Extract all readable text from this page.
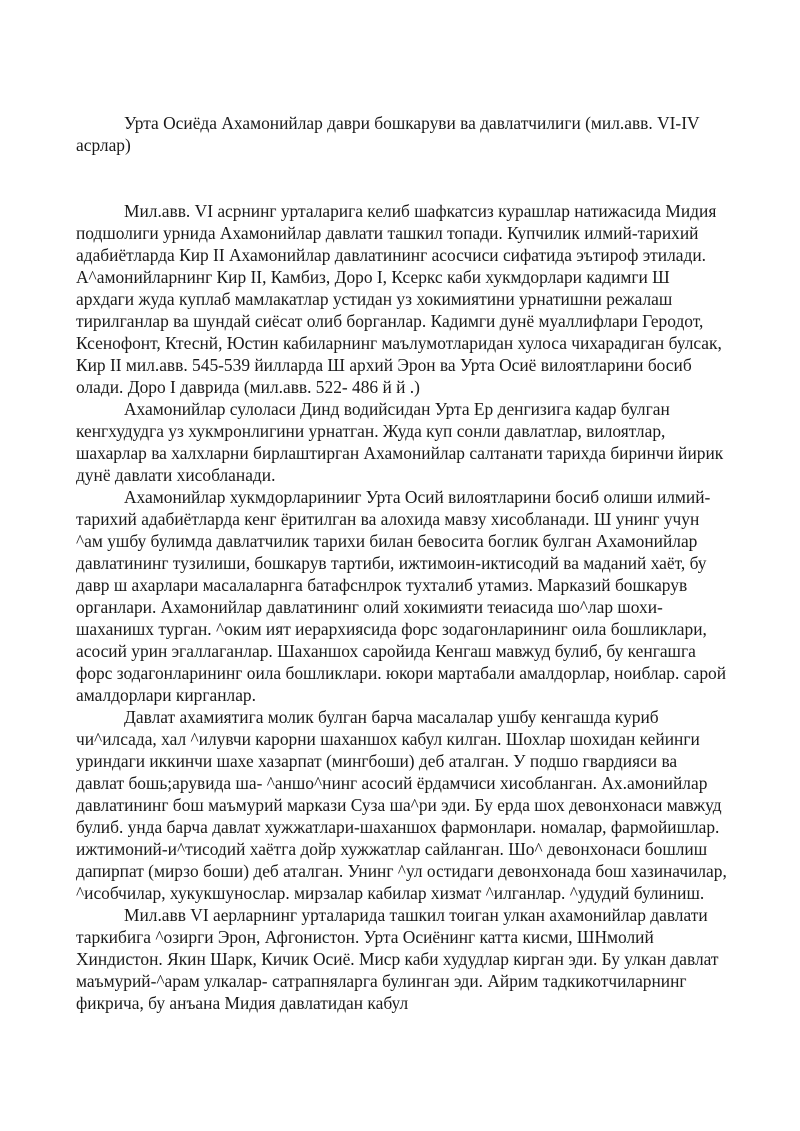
Урта Осиёда Ахамонийлар даври бошкаруви ва давлатчилиги (мил.авв. VI-IV асрлар)

Мил.авв. VI асрнинг урталарига келиб шафкатсиз курашлар натижасида Мидия подшолиги урнида Ахамонийлар давлати ташкил топади. Купчилик илмий-тарихий адабиётларда Кир II Ахамонийлар давлатининг асосчиси сифатида эътироф этилади. А^амонийларнинг Кир II, Камбиз, Доро I, Ксеркс каби хукмдорлари кадимги Ш архдаги жуда куплаб мамлакатлар устидан уз хокимиятини урнатишни режалаш тирилганлар ва шундай сиёсат олиб борганлар. Кадимги дунё муаллифлари Геродот, Ксенофонт, Ктеснй, Юстин кабиларнинг маълумотларидан хулоса чихарадиган булсак, Кир II мил.авв. 545-539 йилларда Ш архий Эрон ва Урта Осиё вилоятларини босиб олади. Доро I даврида (мил.авв. 522- 486 й й .)

Ахамонийлар сулоласи Динд водийсидан Урта Ер денгизига кадар булган кенгхудудга уз хукмронлигини урнатган. Жуда куп сонли давлатлар, вилоятлар, шахарлар ва халхларни бирлаштирган Ахамонийлар салтанати тарихда биринчи йирик дунё давлати хисобланади.

Ахамонийлар хукмдорларинииг Урта Осий вилоятларини босиб олиши илмий-тарихий адабиётларда кенг ёритилган ва алохида мавзу хисобланади. Ш унинг учун ^ам ушбу булимда давлатчилик тарихи билан бевосита боглик булган Ахамонийлар давлатининг тузилиши, бошкарув тартиби, ижтимоин-иктисодий ва маданий хаёт, бу давр ш ахарлари масалаларнга батафснлрок тухталиб утамиз. Марказий бошкарув органлари. Ахамонийлар давлатининг олий хокимияти теиасида шо^лар шохи-шаханишх турган. ^оким ият иерархиясида форс зодагонларининг оила бошликлари, асосий урин эгаллаганлар. Шаханшох саройида Кенгаш мавжуд булиб, бу кенгашга форс зодагонларининг оила бошликлари. юкори мартабали амалдорлар, ноиблар. сарой амалдорлари кирганлар.

Давлат ахамиятига молик булган барча масалалар ушбу кенгашда куриб чи^илсада, хал ^илувчи карорни шаханшох кабул килган. Шохлар шохидан кейинги уриндаги иккинчи шахе хазарпат (мингбоши) деб аталган. У подшо гвардияси ва давлат бошь;арувида ша- ^аншо^нинг асосий ёрдамчиси хисобланган. Ах.амонийлар давлатининг бош маъмурий маркази Суза ша^ри эди. Бу ерда шох девонхонаси мавжуд булиб. унда барча давлат хужжатлари-шаханшох фармонлари. номалар, фармойишлар. ижтимоний-и^тисодий хаётга дойр хужжатлар сайланган. Шо^ девонхонаси бошлиш дапирпат (мирзо боши) деб аталган. Унинг ^ул остидаги девонхонада бош хазиначилар, ^исобчилар, хукукшунослар. мирзалар кабилар хизмат ^илганлар. ^удудий булиниш.

Мил.авв VI аерларнинг урталарида ташкил тоиган улкан ахамонийлар давлати таркибига ^озирги Эрон, Афгонистон. Урта Осиёнинг катта кисми, ШНмолий Хиндистон. Якин Шарк, Кичик Осиё. Миср каби худудлар кирган эди. Бу улкан давлат маъмурий-^арам улкалар- сатрапняларга булинган эди. Айрим тадкикотчиларнинг фикрича, бу анъана Мидия давлатидан кабул
